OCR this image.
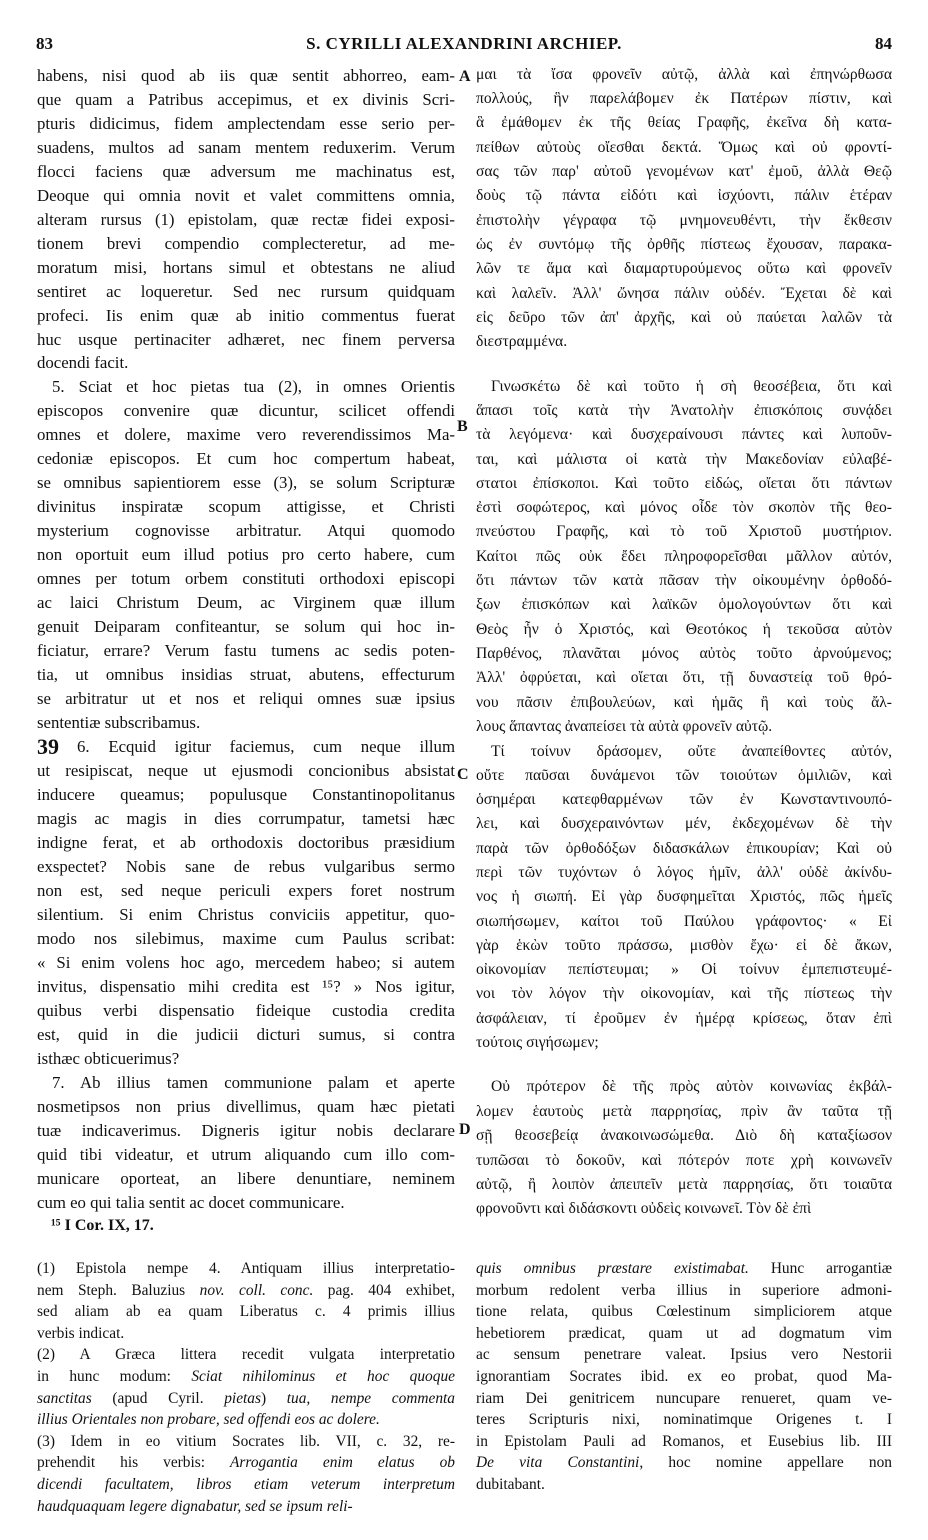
83	S. CYRILLI ALEXANDRINI ARCHIEP.	84
habens, nisi quod ab iis quæ sentit abhorreo, eam-
que quam a Patribus accepimus, et ex divinis Scri-
pturis didicimus, fidem amplectendam esse serio per-
suadens, multos ad sanam mentem reduxerim. Verum
flocci faciens quæ adversum me machinatus est,
Deoque qui omnia novit et valet committens omnia,
alteram rursus (1) epistolam, quæ rectæ fidei exposi-
tionem brevi compendio complecteretur, ad me-
moratum misi, hortans simul et obtestans ne aliud
sentiret ac loqueretur. Sed nec rursum quidquam
profeci. Iis enim quæ ab initio commentus fuerat
huc usque pertinaciter adhæret, nec finem perversa
docendi facit.
5. Sciat et hoc pietas tua (2), in omnes Orientis
episcopos convenire quæ dicuntur, scilicet offendi
omnes et dolere, maxime vero reverendissimos Ma-
cedoniæ episcopos. Et cum hoc compertum habeat,
se omnibus sapientiorem esse (3), se solum Scripturæ
divinitus inspiratæ scopum attigisse, et Christi
mysterium cognovisse arbitratur. Atqui quomodo
non oportuit eum illud potius pro certo habere, cum
omnes per totum orbem constituti orthodoxi episcopi
ac laici Christum Deum, ac Virginem quæ illum
genuit Deiparam confiteantur, se solum qui hoc in-
ficiatur, errare? Verum fastu tumens ac sedis poten-
tia, ut omnibus insidias struat, abutens, effecturum
se arbitratur ut et nos et reliqui omnes suæ ipsius
sententiæ subscribamus.
6. Ecquid igitur faciemus, cum neque illum
ut resipiscat, neque ut ejusmodi concionibus absistat
inducere queamus; populusque Constantinopolitanus
magis ac magis in dies corrumpatur, tametsi hæc
indigne ferat, et ab orthodoxis doctoribus præsidium
exspectet? Nobis sane de rebus vulgaribus sermo
non est, sed neque periculi expers foret nostrum
silentium. Si enim Christus conviciis appetitur, quo-
modo nos silebimus, maxime cum Paulus scribat:
« Si enim volens hoc ago, mercedem habeo; si autem
invitus, dispensatio mihi credita est ¹⁵? » Nos igitur,
quibus verbi dispensatio fideique custodia credita
est, quid in die judicii dicturi sumus, si contra
isthæc obticuerimus?
7. Ab illius tamen communione palam et aperte
nosmetipsos non prius divellimus, quam hæc pietati
tuæ indicaverimus. Digneris igitur nobis declarare
quid tibi videatur, et utrum aliquando cum illo com-
municare oporteat, an libere denuntiare, neminem
cum eo qui talia sentit ac docet communicare.
39
A
B
C
D
μαι τὰ ἴσα φρονεῖν αὐτῷ, ἀλλὰ καὶ ἐπηνώρθωσα
πολλούς, ἣν παρελάβομεν ἐκ Πατέρων πίστιν, καὶ
ἃ ἐμάθομεν ἐκ τῆς θείας Γραφῆς, ἐκεῖνα δὴ κατα-
πείθων αὐτοὺς οἴεσθαι δεκτά. Ὅμως καὶ οὐ φροντί-
σας τῶν παρ' αὐτοῦ γενομένων κατ' ἐμοῦ, ἀλλὰ Θεῷ
δοὺς τῷ πάντα εἰδότι καὶ ἰσχύοντι, πάλιν ἑτέραν
ἐπιστολὴν γέγραφα τῷ μνημονευθέντι, τὴν ἔκθεσιν
ὡς ἐν συντόμῳ τῆς ὀρθῆς πίστεως ἔχουσαν, παρακα-
λῶν τε ἅμα καὶ διαμαρτυρούμενος οὕτω καὶ φρονεῖν
καὶ λαλεῖν. Ἀλλ' ὤνησα πάλιν οὐδέν. Ἔχεται δὲ καὶ
εἰς δεῦρο τῶν ἀπ' ἀρχῆς, καὶ οὐ παύεται λαλῶν τὰ
διεστραμμένα.
Γινωσκέτω δὲ καὶ τοῦτο ἡ σὴ θεοσέβεια, ὅτι καὶ
ἅπασι τοῖς κατὰ τὴν Ἀνατολὴν ἐπισκόποις συνᾴδει
τὰ λεγόμενα· καὶ δυσχεραίνουσι πάντες καὶ λυποῦν-
ται, καὶ μάλιστα οἱ κατὰ τὴν Μακεδονίαν εὐλαβέ-
στατοι ἐπίσκοποι. Καὶ τοῦτο εἰδώς, οἴεται ὅτι πάντων
ἐστὶ σοφώτερος, καὶ μόνος οἶδε τὸν σκοπὸν τῆς θεο-
πνεύστου Γραφῆς, καὶ τὸ τοῦ Χριστοῦ μυστήριον.
Καίτοι πῶς οὐκ ἔδει πληροφορεῖσθαι μᾶλλον αὐτόν,
ὅτι πάντων τῶν κατὰ πᾶσαν τὴν οἰκουμένην ὀρθοδό-
ξων ἐπισκόπων καὶ λαϊκῶν ὁμολογούντων ὅτι καὶ
Θεὸς ἦν ὁ Χριστός, καὶ Θεοτόκος ἡ τεκοῦσα αὐτὸν
Παρθένος, πλανᾶται μόνος αὐτὸς τοῦτο ἀρνούμενος;
Ἀλλ' ὀφρύεται, καὶ οἴεται ὅτι, τῇ δυναστείᾳ τοῦ θρό-
νου πᾶσιν ἐπιβουλεύων, καὶ ἡμᾶς ἢ καὶ τοὺς ἄλ-
λους ἅπαντας ἀναπείσει τὰ αὐτὰ φρονεῖν αὐτῷ.
Τί τοίνυν δράσομεν, οὔτε ἀναπείθοντες αὐτόν,
οὔτε παῦσαι δυνάμενοι τῶν τοιούτων ὁμιλιῶν, καὶ
ὁσημέραι κατεφθαρμένων τῶν ἐν Κωνσταντινουπό-
λει, καὶ δυσχεραινόντων μέν, ἐκδεχομένων δὲ τὴν
παρὰ τῶν ὀρθοδόξων διδασκάλων ἐπικουρίαν; Καὶ οὐ
περὶ τῶν τυχόντων ὁ λόγος ἡμῖν, ἀλλ' οὐδὲ ἀκίνδυ-
νος ἡ σιωπή. Εἰ γὰρ δυσφημεῖται Χριστός, πῶς ἡμεῖς
σιωπήσωμεν, καίτοι τοῦ Παύλου γράφοντος· « Εἰ
γὰρ ἑκὼν τοῦτο πράσσω, μισθὸν ἔχω· εἰ δὲ ἄκων,
οἰκονομίαν πεπίστευμαι; » Οἱ τοίνυν ἐμπεπιστευμέ-
νοι τὸν λόγον τὴν οἰκονομίαν, καὶ τῆς πίστεως τὴν
ἀσφάλειαν, τί ἐροῦμεν ἐν ἡμέρᾳ κρίσεως, ὅταν ἐπὶ
τούτοις σιγήσωμεν;
Οὐ πρότερον δὲ τῆς πρὸς αὐτὸν κοινωνίας ἐκβάλ-
λομεν ἑαυτοὺς μετὰ παρρησίας, πρὶν ἂν ταῦτα τῇ
σῇ θεοσεβείᾳ ἀνακοινωσώμεθα. Διὸ δὴ καταξίωσον
τυπῶσαι τὸ δοκοῦν, καὶ πότερόν ποτε χρὴ κοινωνεῖν
αὐτῷ, ἢ λοιπὸν ἀπειπεῖν μετὰ παρρησίας, ὅτι τοιαῦτα
φρονοῦντι καὶ διδάσκοντι οὐδεὶς κοινωνεῖ. Τὸν δὲ ἐπὶ
¹⁵ I Cor. IX, 17.
(1) Epistola nempe 4. Antiquam illius interpretatio-
nem Steph. Baluzius nov. coll. conc. pag. 404 exhibet,
sed aliam ab ea quam Liberatus c. 4 primis illius
verbis indicat.
(2) A Græca littera recedit vulgata interpretatio
in hunc modum: Sciat nihilominus et hoc quoque
sanctitas (apud Cyril. pietas) tua, nempe commenta
illius Orientales non probare, sed offendi eos ac dolere.
(3) Idem in eo vitium Socrates lib. VII, c. 32, re-
prehendit his verbis: Arrogantia enim elatus ob
dicendi facultatem, libros etiam veterum interpretum
haudquaquam legere dignabatur, sed se ipsum reli-
quis omnibus præstare existimabat. Hunc arrogantiæ
morbum redolent verba illius in superiore admoni-
tione relata, quibus Cœlestinum simpliciorem atque
hebetiorem prædicat, quam ut ad dogmatum vim
ac sensum penetrare valeat. Ipsius vero Nestorii
ignorantiam Socrates ibid. ex eo probat, quod Ma-
riam Dei genitricem nuncupare renueret, quam ve-
teres Scripturis nixi, nominatimque Origenes t. I
in Epistolam Pauli ad Romanos, et Eusebius lib. III
De vita Constantini, hoc nomine appellare non
dubitabant.
